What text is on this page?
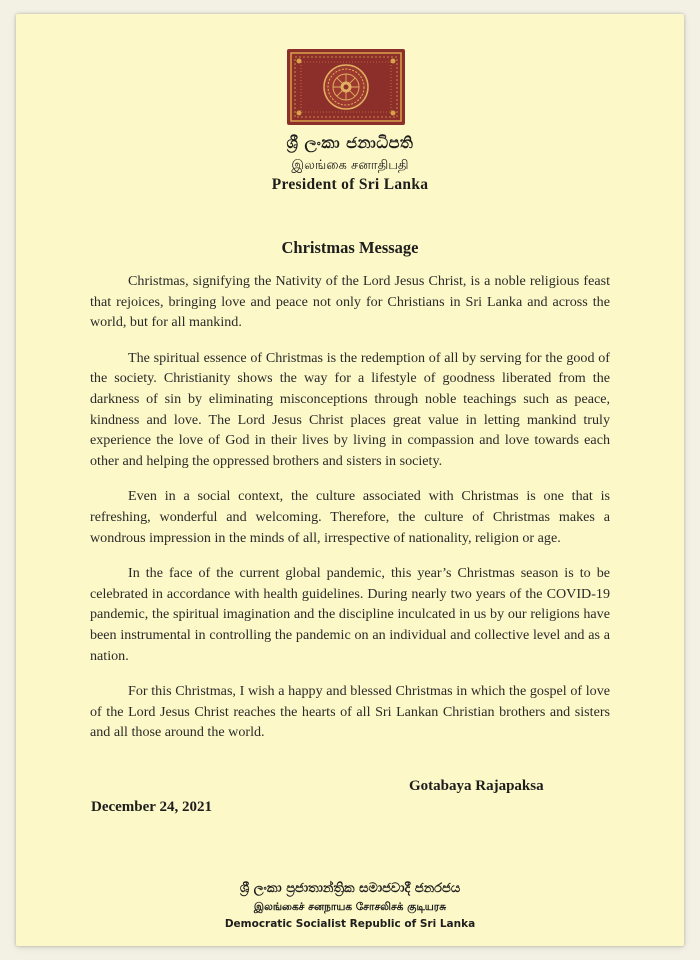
ශ්‍රී ලංකා ජනාධිපති
இலங்கை சனாதிபதி
President of Sri Lanka
Christmas Message

Christmas, signifying the Nativity of the Lord Jesus Christ, is a noble religious feast that rejoices, bringing love and peace not only for Christians in Sri Lanka and across the world, but for all mankind.

The spiritual essence of Christmas is the redemption of all by serving for the good of the society. Christianity shows the way for a lifestyle of goodness liberated from the darkness of sin by eliminating misconceptions through noble teachings such as peace, kindness and love. The Lord Jesus Christ places great value in letting mankind truly experience the love of God in their lives by living in compassion and love towards each other and helping the oppressed brothers and sisters in society.

Even in a social context, the culture associated with Christmas is one that is refreshing, wonderful and welcoming. Therefore, the culture of Christmas makes a wondrous impression in the minds of all, irrespective of nationality, religion or age.

In the face of the current global pandemic, this year’s Christmas season is to be celebrated in accordance with health guidelines. During nearly two years of the COVID-19 pandemic, the spiritual imagination and the discipline inculcated in us by our religions have been instrumental in controlling the pandemic on an individual and collective level and as a nation.

For this Christmas, I wish a happy and blessed Christmas in which the gospel of love of the Lord Jesus Christ reaches the hearts of all Sri Lankan Christian brothers and sisters and all those around the world.

Gotabaya Rajapaksa
December 24, 2021
ශ්‍රී ලංකා ප්‍රජාතාන්ත්‍රික සමාජවාදී ජනරජය
இலங்கைச் சனநாயக சோசலிசக் குடியரசு
Democratic Socialist Republic of Sri Lanka
